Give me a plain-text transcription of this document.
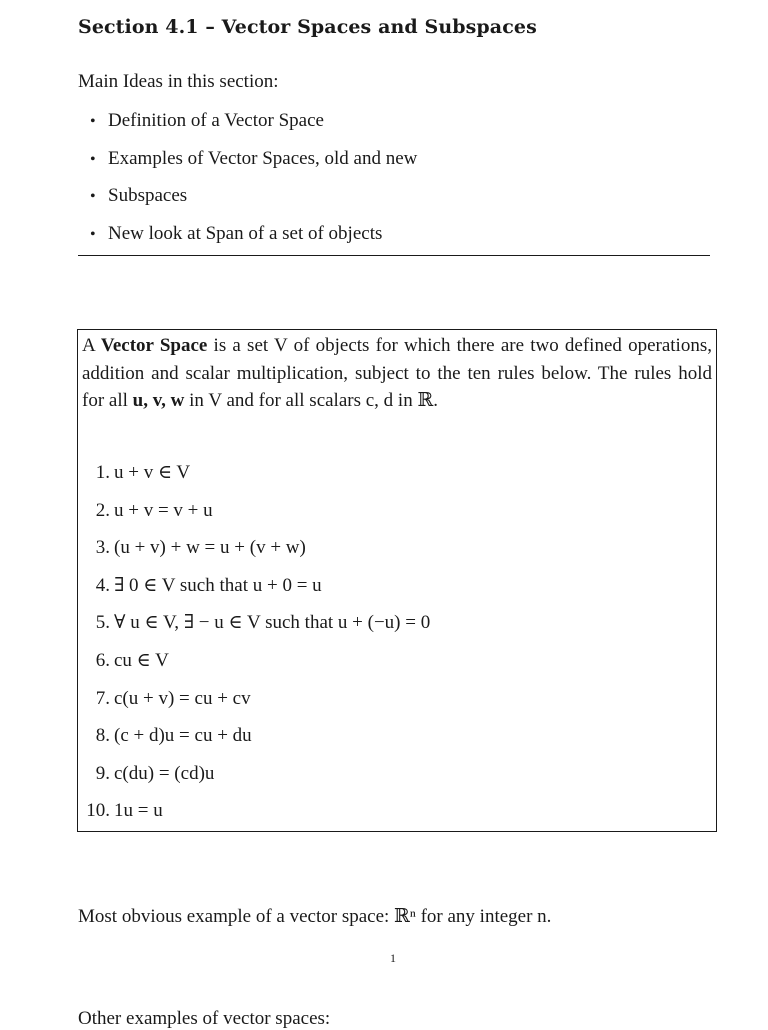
Section 4.1 – Vector Spaces and Subspaces
Main Ideas in this section:
• Definition of a Vector Space
• Examples of Vector Spaces, old and new
• Subspaces
• New look at Span of a set of objects
A Vector Space is a set V of objects for which there are two defined operations, addition and scalar multiplication, subject to the ten rules below. The rules hold for all u, v, w in V and for all scalars c, d in ℝ.
1. u + v ∈ V
2. u + v = v + u
3. (u + v) + w = u + (v + w)
4. ∃ 0 ∈ V such that u + 0 = u
5. ∀ u ∈ V, ∃ − u ∈ V such that u + (−u) = 0
6. cu ∈ V
7. c(u + v) = cu + cv
8. (c + d)u = cu + du
9. c(du) = (cd)u
10. 1u = u
Most obvious example of a vector space: ℝⁿ for any integer n.
1
Other examples of vector spaces:
